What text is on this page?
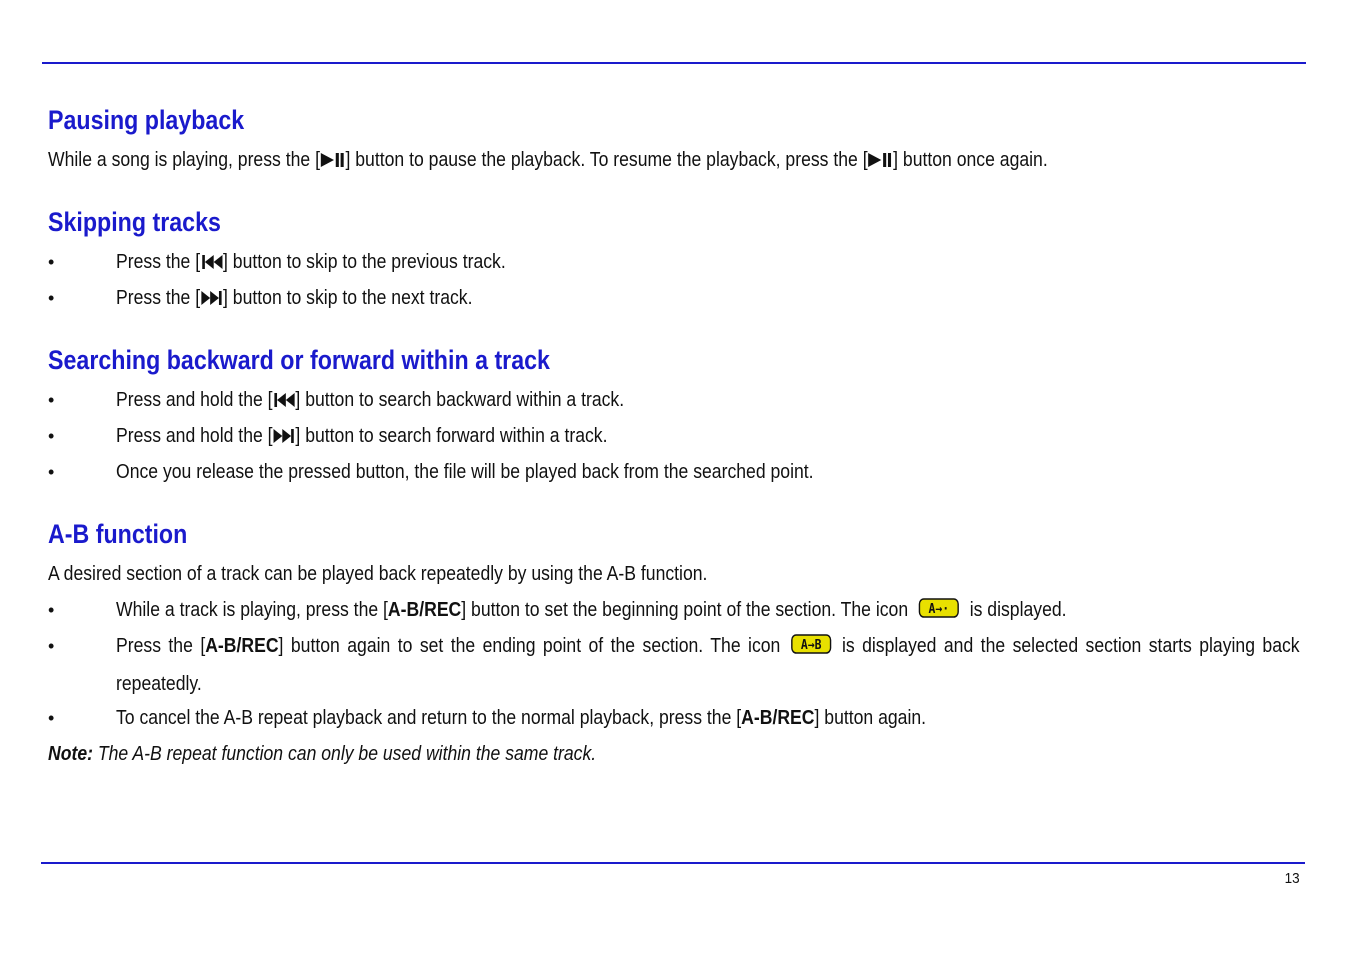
Pausing playback
While a song is playing, press the [ ] button to pause the playback. To resume the playback, press the [ ] button once again.
Skipping tracks
•	Press the [ ] button to skip to the previous track.
•	Press the [ ] button to skip to the next track.
Searching backward or forward within a track
•	Press and hold the [ ] button to search backward within a track.
•	Press and hold the [ ] button to search forward within a track.
•	Once you release the pressed button, the file will be played back from the searched point.
A-B function
A desired section of a track can be played back repeatedly by using the A-B function.
•	While a track is playing, press the [A-B/REC] button to set the beginning point of the section. The icon A→· is displayed.
•	Press the [A-B/REC] button again to set the ending point of the section. The icon A→B is displayed and the selected section starts playing back repeatedly.
•	To cancel the A-B repeat playback and return to the normal playback, press the [A-B/REC] button again.
Note: The A-B repeat function can only be used within the same track.
13
